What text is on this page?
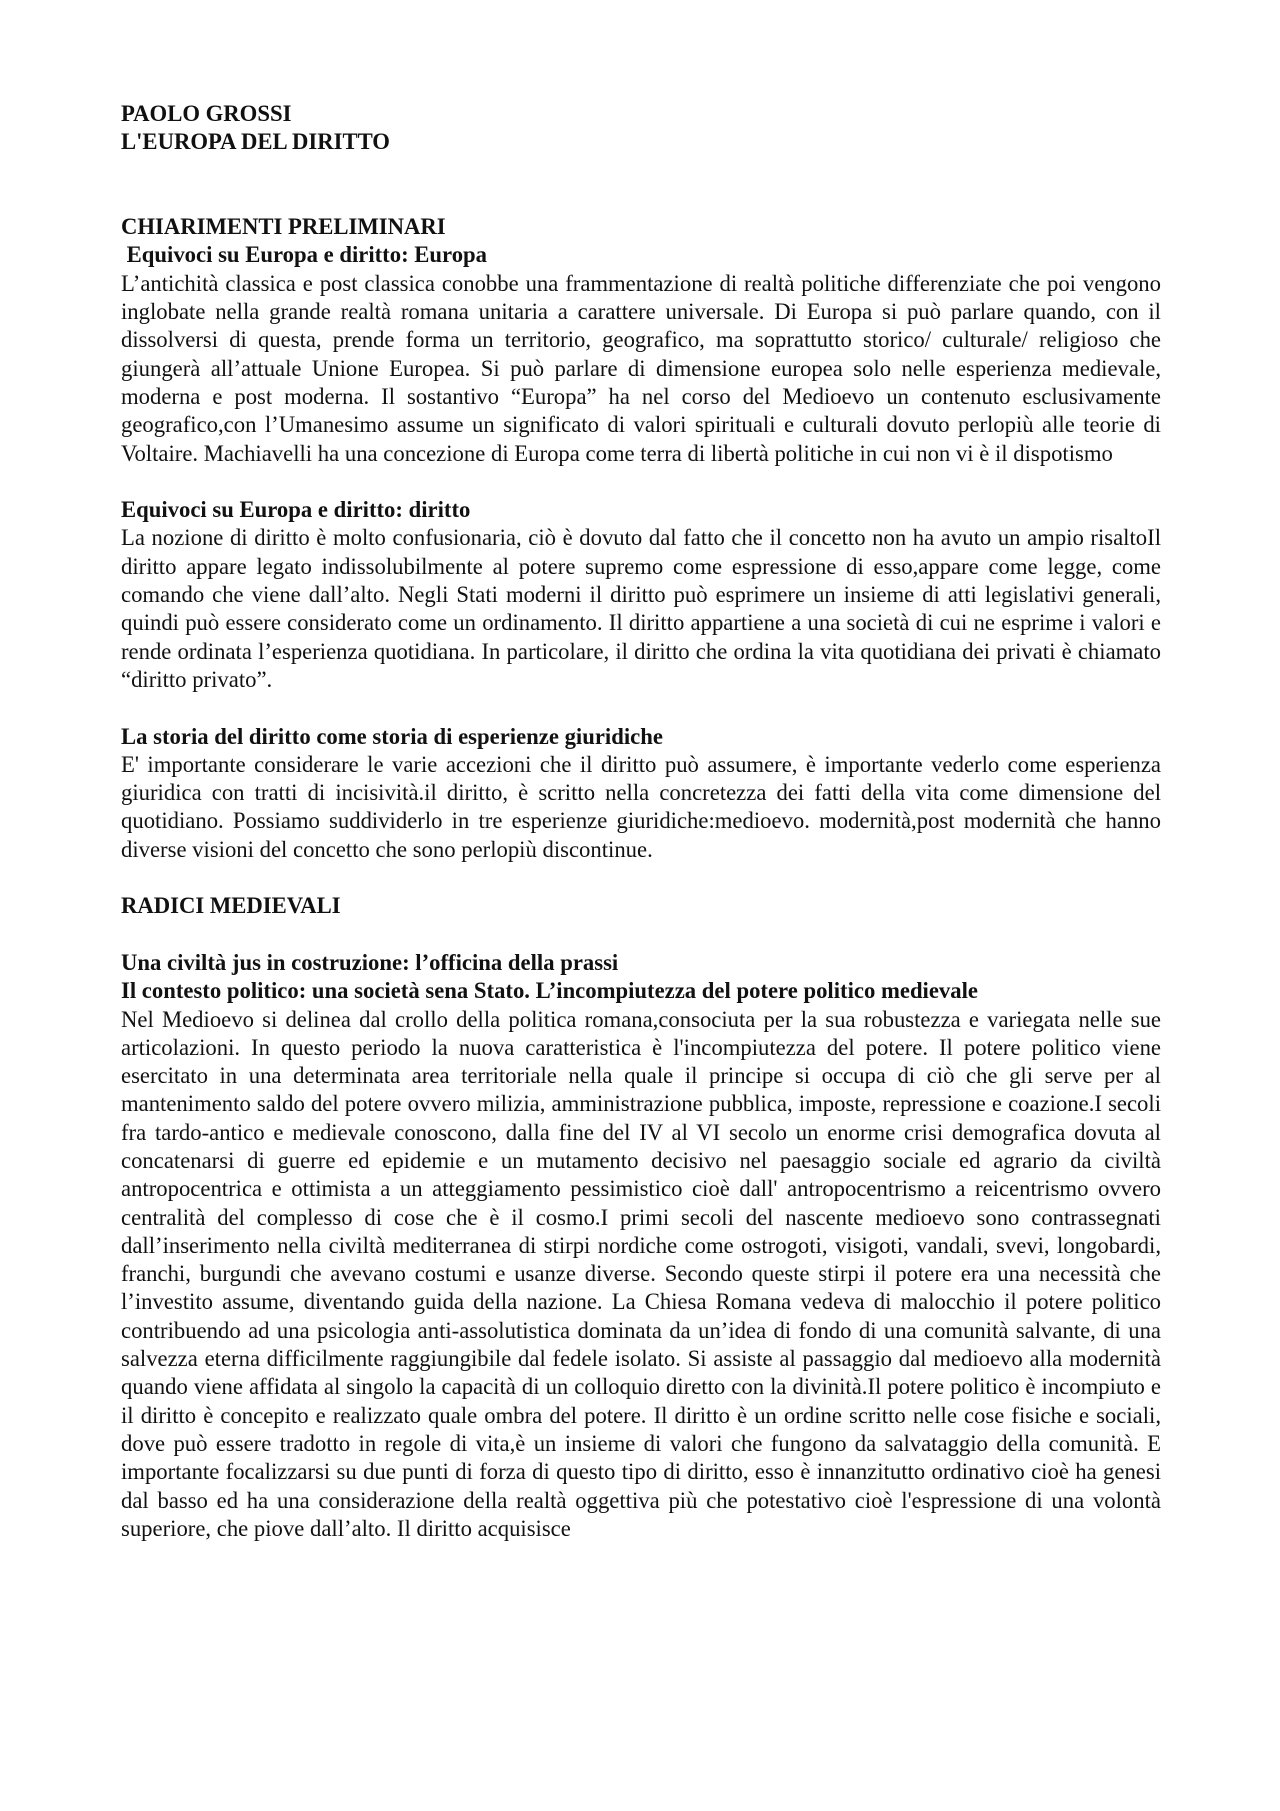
PAOLO GROSSI

L'EUROPA DEL DIRITTO

CHIARIMENTI PRELIMINARI

Equivoci su Europa e diritto: Europa

L’antichità classica e post classica conobbe una frammentazione di realtà politiche differenziate che poi vengono inglobate nella grande realtà romana unitaria a carattere universale. Di Europa si può parlare quando, con il dissolversi di questa, prende forma un territorio, geografico, ma soprattutto storico/ culturale/ religioso che giungerà all’attuale Unione Europea. Si può parlare di dimensione europea solo nelle esperienza medievale, moderna e post moderna. Il sostantivo “Europa” ha nel corso del Medioevo un contenuto esclusivamente geografico,con l’Umanesimo assume un significato di valori spirituali e culturali dovuto perlopiù alle teorie di Voltaire. Machiavelli ha una concezione di Europa come terra di libertà politiche in cui non vi è il dispotismo

Equivoci su Europa e diritto: diritto

La nozione di diritto è molto confusionaria, ciò è dovuto dal fatto che il concetto non ha avuto un ampio risaltoIl diritto appare legato indissolubilmente al potere supremo come espressione di esso,appare come legge, come comando che viene dall’alto. Negli Stati moderni il diritto può esprimere un insieme di atti legislativi generali, quindi può essere considerato come un ordinamento. Il diritto appartiene a una società di cui ne esprime i valori e rende ordinata l’esperienza quotidiana. In particolare, il diritto che ordina la vita quotidiana dei privati è chiamato “diritto privato”.

La storia del diritto come storia di esperienze giuridiche

E' importante considerare le varie accezioni che il diritto può assumere, è importante vederlo come esperienza giuridica con tratti di incisività.il diritto, è scritto nella concretezza dei fatti della vita come dimensione del quotidiano. Possiamo suddividerlo in tre esperienze giuridiche:medioevo. modernità,post modernità che hanno diverse visioni del concetto che sono perlopiù discontinue.

RADICI MEDIEVALI

Una civiltà jus in costruzione: l’officina della prassi

Il contesto politico: una società sena Stato. L’incompiutezza del potere politico medievale

Nel Medioevo si delinea dal crollo della politica romana,consociuta per la sua robustezza e variegata nelle sue articolazioni. In questo periodo la nuova caratteristica è l'incompiutezza del potere. Il potere politico viene esercitato in una determinata area territoriale nella quale il principe si occupa di ciò che gli serve per al mantenimento saldo del potere ovvero milizia, amministrazione pubblica, imposte, repressione e coazione.I secoli fra tardo-antico e medievale conoscono, dalla fine del IV al VI secolo un enorme crisi demografica dovuta al concatenarsi di guerre ed epidemie e un mutamento decisivo nel paesaggio sociale ed agrario da civiltà antropocentrica e ottimista a un atteggiamento pessimistico cioè dall' antropocentrismo a reicentrismo ovvero centralità del complesso di cose che è il cosmo.I primi secoli del nascente medioevo sono contrassegnati dall’inserimento nella civiltà mediterranea di stirpi nordiche come ostrogoti, visigoti, vandali, svevi, longobardi, franchi, burgundi che avevano costumi e usanze diverse. Secondo queste stirpi il potere era una necessità che l’investito assume, diventando guida della nazione. La Chiesa Romana vedeva di malocchio il potere politico contribuendo ad una psicologia anti-assolutistica dominata da un’idea di fondo di una comunità salvante, di una salvezza eterna difficilmente raggiungibile dal fedele isolato. Si assiste al passaggio dal medioevo alla modernità quando viene affidata al singolo la capacità di un colloquio diretto con la divinità.Il potere politico è incompiuto e il diritto è concepito e realizzato quale ombra del potere. Il diritto è un ordine scritto nelle cose fisiche e sociali, dove può essere tradotto in regole di vita,è un insieme di valori che fungono da salvataggio della comunità. E importante focalizzarsi su due punti di forza di questo tipo di diritto, esso è innanzitutto ordinativo cioè ha genesi dal basso ed ha una considerazione della realtà oggettiva più che potestativo cioè l'espressione di una volontà superiore, che piove dall’alto. Il diritto acquisisce
